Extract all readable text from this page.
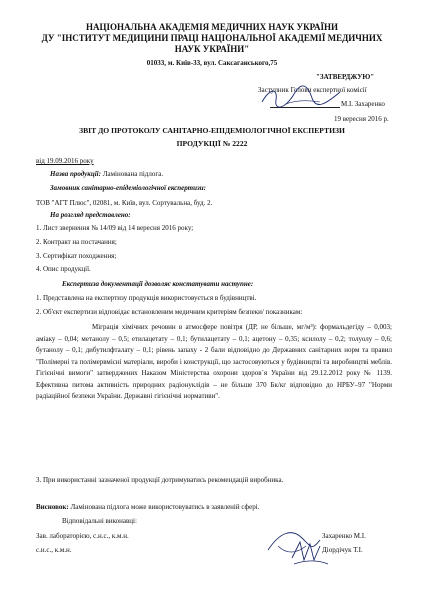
НАЦІОНАЛЬНА АКАДЕМІЯ МЕДИЧНИХ НАУК УКРАЇНИ
ДУ "ІНСТИТУТ МЕДИЦИНИ ПРАЦІ НАЦІОНАЛЬНОЇ АКАДЕМІЇ МЕДИЧНИХ
НАУК УКРАЇНИ"
01033, м. Київ-33, вул. Саксаганського,75
"ЗАТВЕРДЖУЮ"
Заступник Голови експертної комісії
М.І. Захаренко
19 вересня 2016 р.
ЗВІТ ДО ПРОТОКОЛУ САНІТАРНО-ЕПІДЕМІОЛОГІЧНОЇ ЕКСПЕРТИЗИ
ПРОДУКЦІЇ № 2222
від 19.09.2016 року
Назва продукції: Ламінована підлога.
Замовник санітарно-епідеміологічної експертизи:
ТОВ "АГТ Плюс", 02081, м. Київ, вул. Сортувальна, буд. 2.
На розгляд представлено:
1. Лист звернення № 14/09 від 14 вересня 2016 року;
2. Контракт на постачання;
3. Сертифікат походження;
4. Опис продукції.
Експертиза документації дозволяє констатувати наступне:
1. Представлена на експертизу продукція використовується в будівництві.
2. Об'єкт експертизи відповідає встановленим медичним критеріям безпеки/ показникам:
Міграція хімічних речовин в атмосфере повітря (ДР, не більше, мг/м³): формальдегіду – 0,003; аміаку – 0,04; метанолу – 0,5; етилацетату – 0,1; бутилацетату – 0,1; ацетону – 0,35; ксилолу – 0,2; толуолу – 0,6; бутанолу – 0,1; дибутилфталату – 0,1; рівень запаху - 2 бали відповідно до Державних санітарних норм та правил "Полімерні та полімервмісні матеріали, вироби і конструкції, що застосовуються у будівництві та виробництві меблів. Гігієнічні вимоги" затверджених Наказом Міністерства охорони здоров`я України від 29.12.2012 року № 1139. Ефективна питома активність природних радіонуклідів – не більше 370 Бк/кг відповідно до НРБУ–97 "Норми радіаційної безпеки України. Державні гігієнічні нормативи".
3. При використанні зазначеної продукції дотримуватись рекомендацій виробника.
Висновок: Ламінована підлога може використовуватись в заявленій сфері.
Відповідальні виконавці:
Зав. лабораторією, с.н.с., к.м.н.
с.н.с., к.м.н.
Захаренко М.І.
Діордічук Т.І.
